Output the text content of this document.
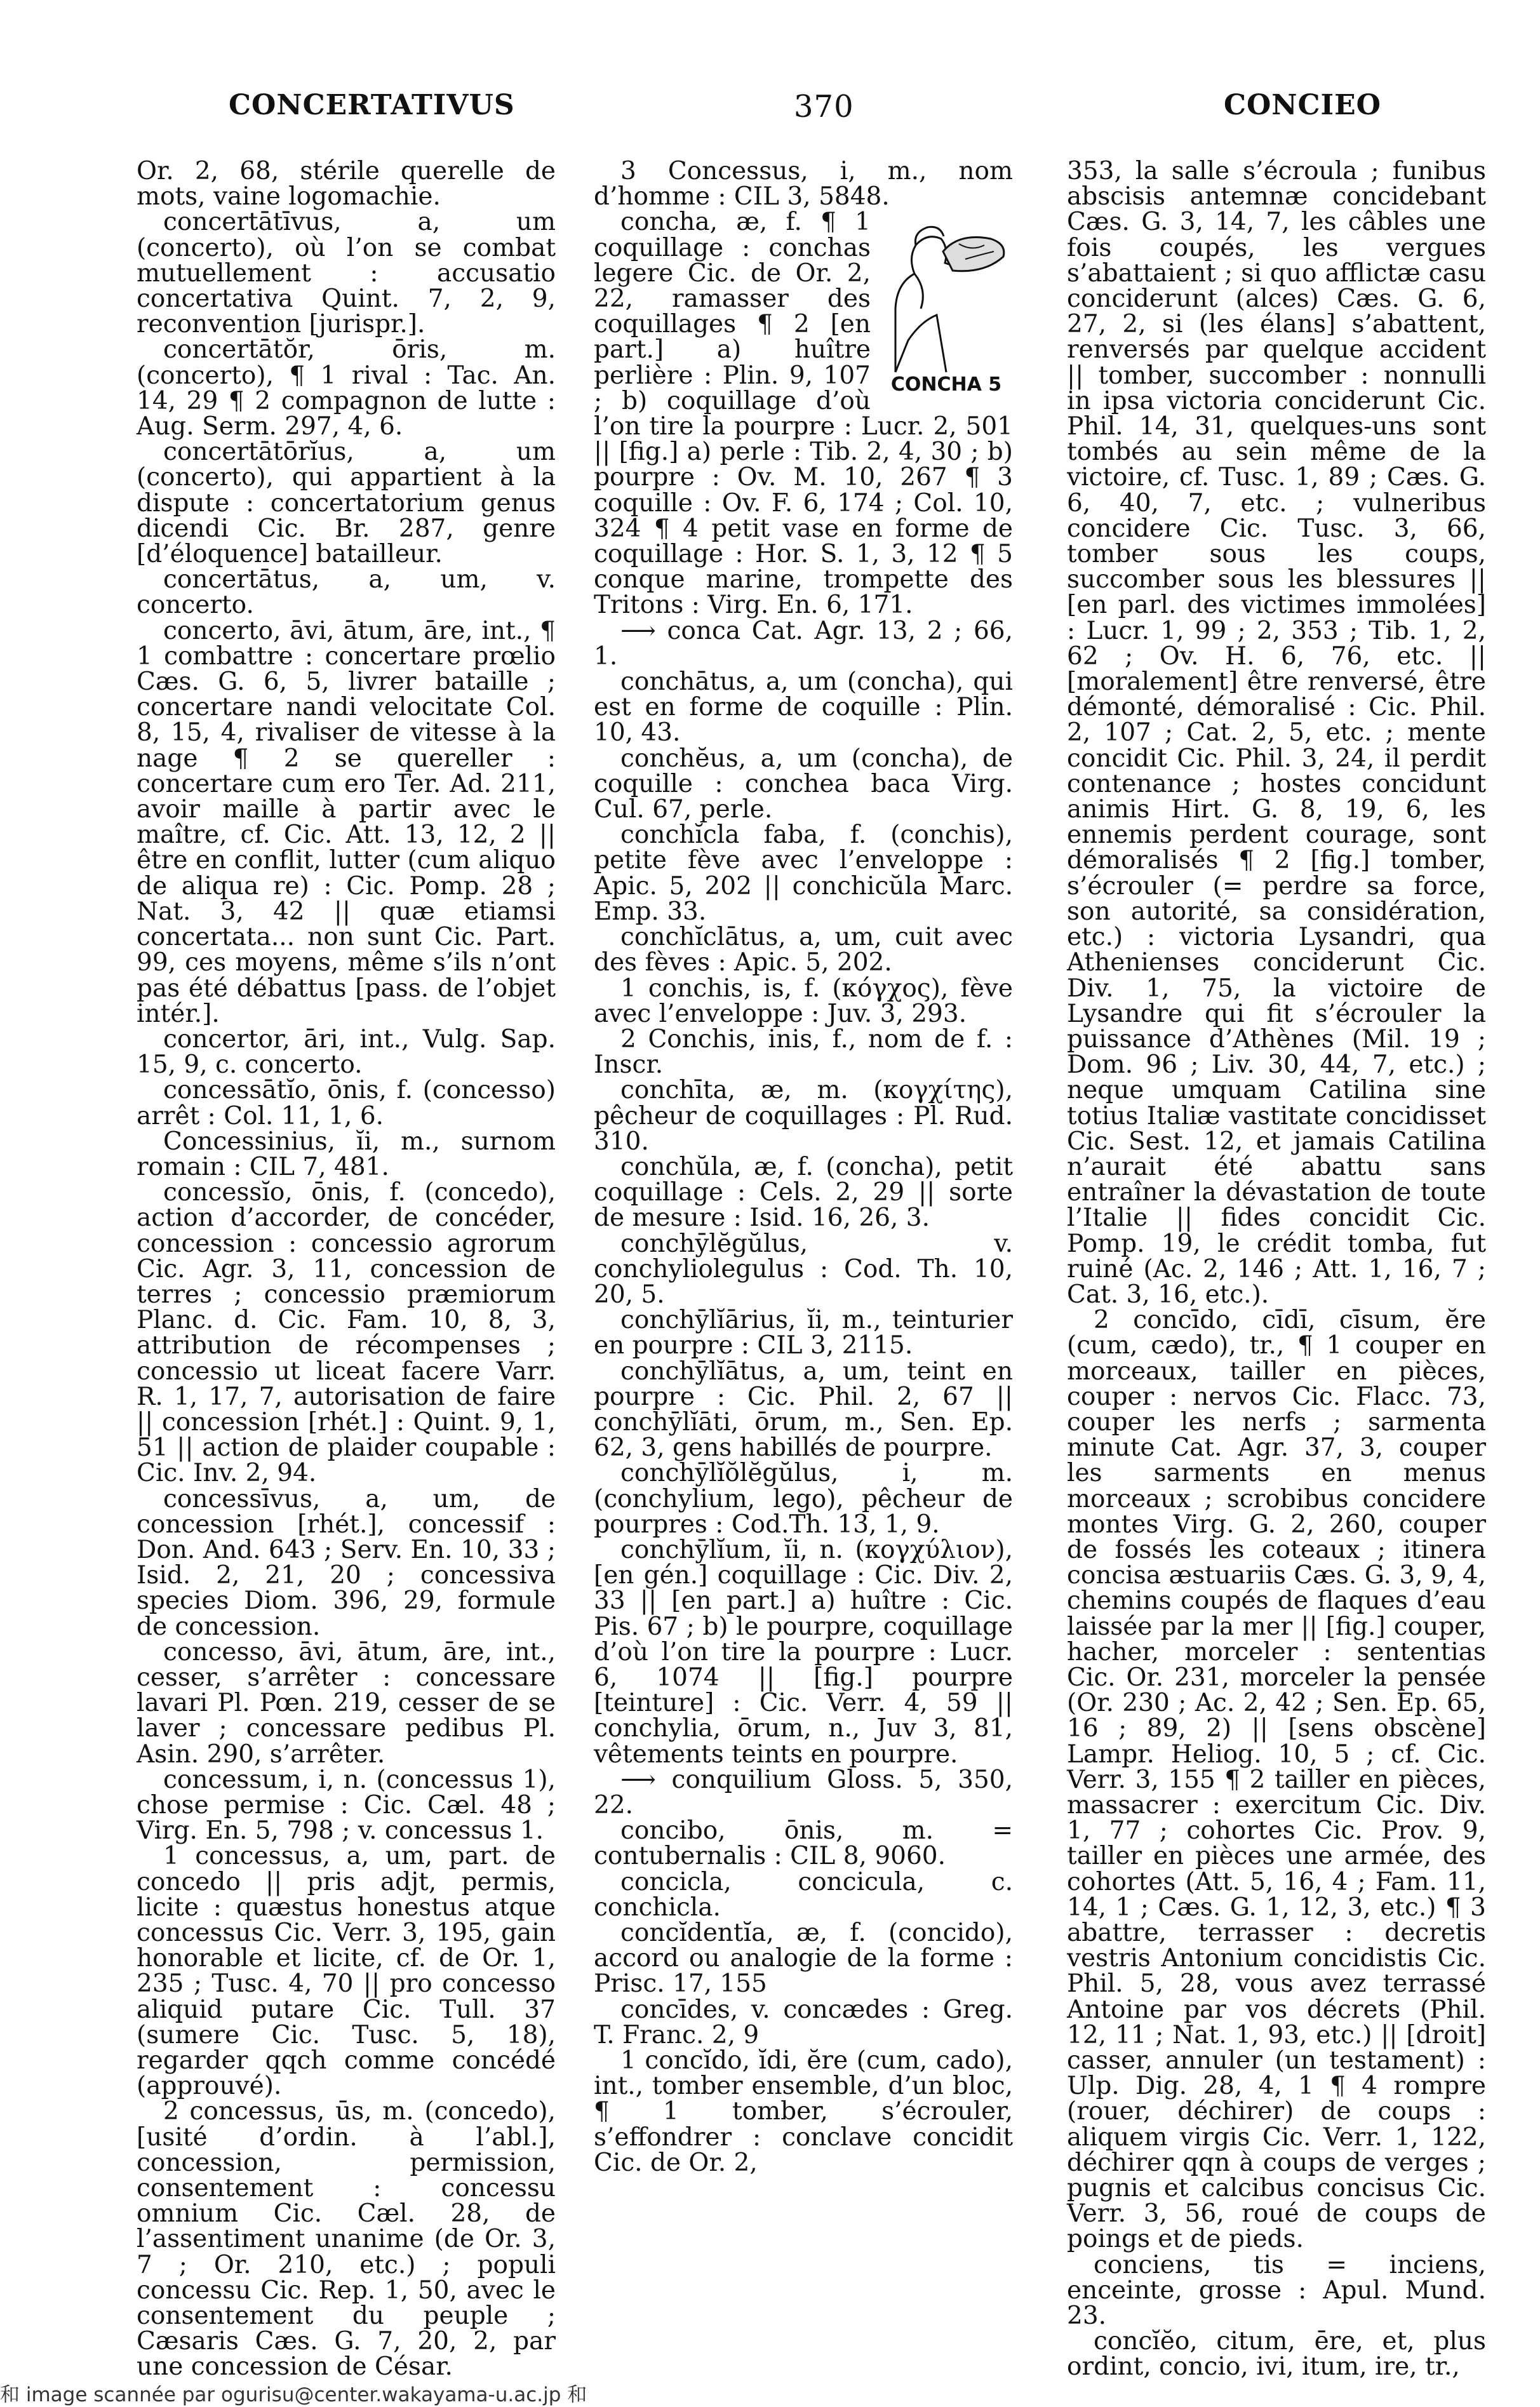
CONCERTATIVUS	370	CONCIEO

Or. 2, 68, stérile querelle de mots, vaine logomachie.

concertātīvus, a, um (concerto), où l’on se combat mutuellement : accusatio concertativa Quint. 7, 2, 9, reconvention [jurispr.].

concertātŏr, ōris, m. (concerto), ¶ 1 rival : Tac. An. 14, 29 ¶ 2 compagnon de lutte : Aug. Serm. 297, 4, 6.

concertātōrĭus, a, um (concerto), qui appartient à la dispute : concertatorium genus dicendi Cic. Br. 287, genre [d’éloquence] batailleur.

concertātus, a, um, v. concerto.

concerto, āvi, ātum, āre, int., ¶ 1 combattre : concertare prœlio Cæs. G. 6, 5, livrer bataille ; concertare nandi velocitate Col. 8, 15, 4, rivaliser de vitesse à la nage ¶ 2 se quereller : concertare cum ero Ter. Ad. 211, avoir maille à partir avec le maître, cf. Cic. Att. 13, 12, 2 || être en conflit, lutter (cum aliquo de aliqua re) : Cic. Pomp. 28 ; Nat. 3, 42 || quæ etiamsi concertata... non sunt Cic. Part. 99, ces moyens, même s’ils n’ont pas été débattus [pass. de l’objet intér.].

concertor, āri, int., Vulg. Sap. 15, 9, c. concerto.

concessātĭo, ōnis, f. (concesso) arrêt : Col. 11, 1, 6.

Concessinius, ĭi, m., surnom romain : CIL 7, 481.

concessĭo, ōnis, f. (concedo), action d’accorder, de concéder, concession : concessio agrorum Cic. Agr. 3, 11, concession de terres ; concessio præmiorum Planc. d. Cic. Fam. 10, 8, 3, attribution de récompenses ; concessio ut liceat facere Varr. R. 1, 17, 7, autorisation de faire || concession [rhét.] : Quint. 9, 1, 51 || action de plaider coupable : Cic. Inv. 2, 94.

concessīvus, a, um, de concession [rhét.], concessif : Don. And. 643 ; Serv. En. 10, 33 ; Isid. 2, 21, 20 ; concessiva species Diom. 396, 29, formule de concession.

concesso, āvi, ātum, āre, int., cesser, s’arrêter : concessare lavari Pl. Pœn. 219, cesser de se laver ; concessare pedibus Pl. Asin. 290, s’arrêter.

concessum, i, n. (concessus 1), chose permise : Cic. Cæl. 48 ; Virg. En. 5, 798 ; v. concessus 1.

1 concessus, a, um, part. de concedo || pris adjt, permis, licite : quæstus honestus atque concessus Cic. Verr. 3, 195, gain honorable et licite, cf. de Or. 1, 235 ; Tusc. 4, 70 || pro concesso aliquid putare Cic. Tull. 37 (sumere Cic. Tusc. 5, 18), regarder qqch comme concédé (approuvé).

2 concessus, ūs, m. (concedo), [usité d’ordin. à l’abl.], concession, permission, consentement : concessu omnium Cic. Cæl. 28, de l’assentiment unanime (de Or. 3, 7 ; Or. 210, etc.) ; populi concessu Cic. Rep. 1, 50, avec le consentement du peuple ; Cæsaris Cæs. G. 7, 20, 2, par une concession de César.

3 Concessus, i, m., nom d’homme : CIL 3, 5848.

CONCHA 5

concha, æ, f. ¶ 1 coquillage : conchas legere Cic. de Or. 2, 22, ramasser des coquillages ¶ 2 [en part.] a) huître perlière : Plin. 9, 107 ; b) coquillage d’où l’on tire la pourpre : Lucr. 2, 501 || [fig.] a) perle : Tib. 2, 4, 30 ; b) pourpre : Ov. M. 10, 267 ¶ 3 coquille : Ov. F. 6, 174 ; Col. 10, 324 ¶ 4 petit vase en forme de coquillage : Hor. S. 1, 3, 12 ¶ 5 conque marine, trompette des Tritons : Virg. En. 6, 171.

⟶ conca Cat. Agr. 13, 2 ; 66, 1.

conchātus, a, um (concha), qui est en forme de coquille : Plin. 10, 43.

conchĕus, a, um (concha), de coquille : conchea baca Virg. Cul. 67, perle.

conchĭcla faba, f. (conchis), petite fève avec l’enveloppe : Apic. 5, 202 || conchicŭla Marc. Emp. 33.

conchĭclātus, a, um, cuit avec des fèves : Apic. 5, 202.

1 conchis, is, f. (κόγχος), fève avec l’enveloppe : Juv. 3, 293.

2 Conchis, inis, f., nom de f. : Inscr.

conchīta, æ, m. (κογχίτης), pêcheur de coquillages : Pl. Rud. 310.

conchŭla, æ, f. (concha), petit coquillage : Cels. 2, 29 || sorte de mesure : Isid. 16, 26, 3.

conchȳlĕgŭlus, v. conchyliolegulus : Cod. Th. 10, 20, 5.

conchȳlĭārius, ĭi, m., teinturier en pourpre : CIL 3, 2115.

conchȳlĭātus, a, um, teint en pourpre : Cic. Phil. 2, 67 || conchȳlĭāti, ōrum, m., Sen. Ep. 62, 3, gens habillés de pourpre.

conchȳlĭŏlĕgŭlus, i, m. (conchylium, lego), pêcheur de pourpres : Cod.Th. 13, 1, 9.

conchȳlĭum, ĭi, n. (κογχύλιον), [en gén.] coquillage : Cic. Div. 2, 33 || [en part.] a) huître : Cic. Pis. 67 ; b) le pourpre, coquillage d’où l’on tire la pourpre : Lucr. 6, 1074 || [fig.] pourpre [teinture] : Cic. Verr. 4, 59 || conchylia, ōrum, n., Juv 3, 81, vêtements teints en pourpre.

⟶ conquilium Gloss. 5, 350, 22.

concibo, ōnis, m. = contubernalis : CIL 8, 9060.

concicla, concicula, c. conchicla.

concĭdentĭa, æ, f. (concido), accord ou analogie de la forme : Prisc. 17, 155

concīdes, v. concædes : Greg. T. Franc. 2, 9

1 concĭdo, ĭdi, ĕre (cum, cado), int., tomber ensemble, d’un bloc, ¶ 1 tomber, s’écrouler, s’effondrer : conclave concidit Cic. de Or. 2,

353, la salle s’écroula ; funibus abscisis antemnæ concidebant Cæs. G. 3, 14, 7, les câbles une fois coupés, les vergues s’abattaient ; si quo afflictæ casu conciderunt (alces) Cæs. G. 6, 27, 2, si (les élans] s’abattent, renversés par quelque accident || tomber, succomber : nonnulli in ipsa victoria conciderunt Cic. Phil. 14, 31, quelques-uns sont tombés au sein même de la victoire, cf. Tusc. 1, 89 ; Cæs. G. 6, 40, 7, etc. ; vulneribus concidere Cic. Tusc. 3, 66, tomber sous les coups, succomber sous les blessures || [en parl. des victimes immolées] : Lucr. 1, 99 ; 2, 353 ; Tib. 1, 2, 62 ; Ov. H. 6, 76, etc. || [moralement] être renversé, être démonté, démoralisé : Cic. Phil. 2, 107 ; Cat. 2, 5, etc. ; mente concidit Cic. Phil. 3, 24, il perdit contenance ; hostes concidunt animis Hirt. G. 8, 19, 6, les ennemis perdent courage, sont démoralisés ¶ 2 [fig.] tomber, s’écrouler (= perdre sa force, son autorité, sa considération, etc.) : victoria Lysandri, qua Athenienses conciderunt Cic. Div. 1, 75, la victoire de Lysandre qui fit s’écrouler la puissance d’Athènes (Mil. 19 ; Dom. 96 ; Liv. 30, 44, 7, etc.) ; neque umquam Catilina sine totius Italiæ vastitate concidisset Cic. Sest. 12, et jamais Catilina n’aurait été abattu sans entraîner la dévastation de toute l’Italie || fides concidit Cic. Pomp. 19, le crédit tomba, fut ruiné (Ac. 2, 146 ; Att. 1, 16, 7 ; Cat. 3, 16, etc.).

2 concīdo, cīdī, cīsum, ĕre (cum, cædo), tr., ¶ 1 couper en morceaux, tailler en pièces, couper : nervos Cic. Flacc. 73, couper les nerfs ; sarmenta minute Cat. Agr. 37, 3, couper les sarments en menus morceaux ; scrobibus concidere montes Virg. G. 2, 260, couper de fossés les coteaux ; itinera concisa æstuariis Cæs. G. 3, 9, 4, chemins coupés de flaques d’eau laissée par la mer || [fig.] couper, hacher, morceler : sententias Cic. Or. 231, morceler la pensée (Or. 230 ; Ac. 2, 42 ; Sen. Ep. 65, 16 ; 89, 2) || [sens obscène] Lampr. Heliog. 10, 5 ; cf. Cic. Verr. 3, 155 ¶ 2 tailler en pièces, massacrer : exercitum Cic. Div. 1, 77 ; cohortes Cic. Prov. 9, tailler en pièces une armée, des cohortes (Att. 5, 16, 4 ; Fam. 11, 14, 1 ; Cæs. G. 1, 12, 3, etc.) ¶ 3 abattre, terrasser : decretis vestris Antonium concidistis Cic. Phil. 5, 28, vous avez terrassé Antoine par vos décrets (Phil. 12, 11 ; Nat. 1, 93, etc.) || [droit] casser, annuler (un testament) : Ulp. Dig. 28, 4, 1 ¶ 4 rompre (rouer, déchirer) de coups : aliquem virgis Cic. Verr. 1, 122, déchirer qqn à coups de verges ; pugnis et calcibus concisus Cic. Verr. 3, 56, roué de coups de poings et de pieds.

conciens, tis = inciens, enceinte, grosse : Apul. Mund. 23.

concĭĕo, citum, ēre, et, plus ordint, concio, ivi, itum, ire, tr.,

和 image scannée par ogurisu@center.wakayama-u.ac.jp 和
